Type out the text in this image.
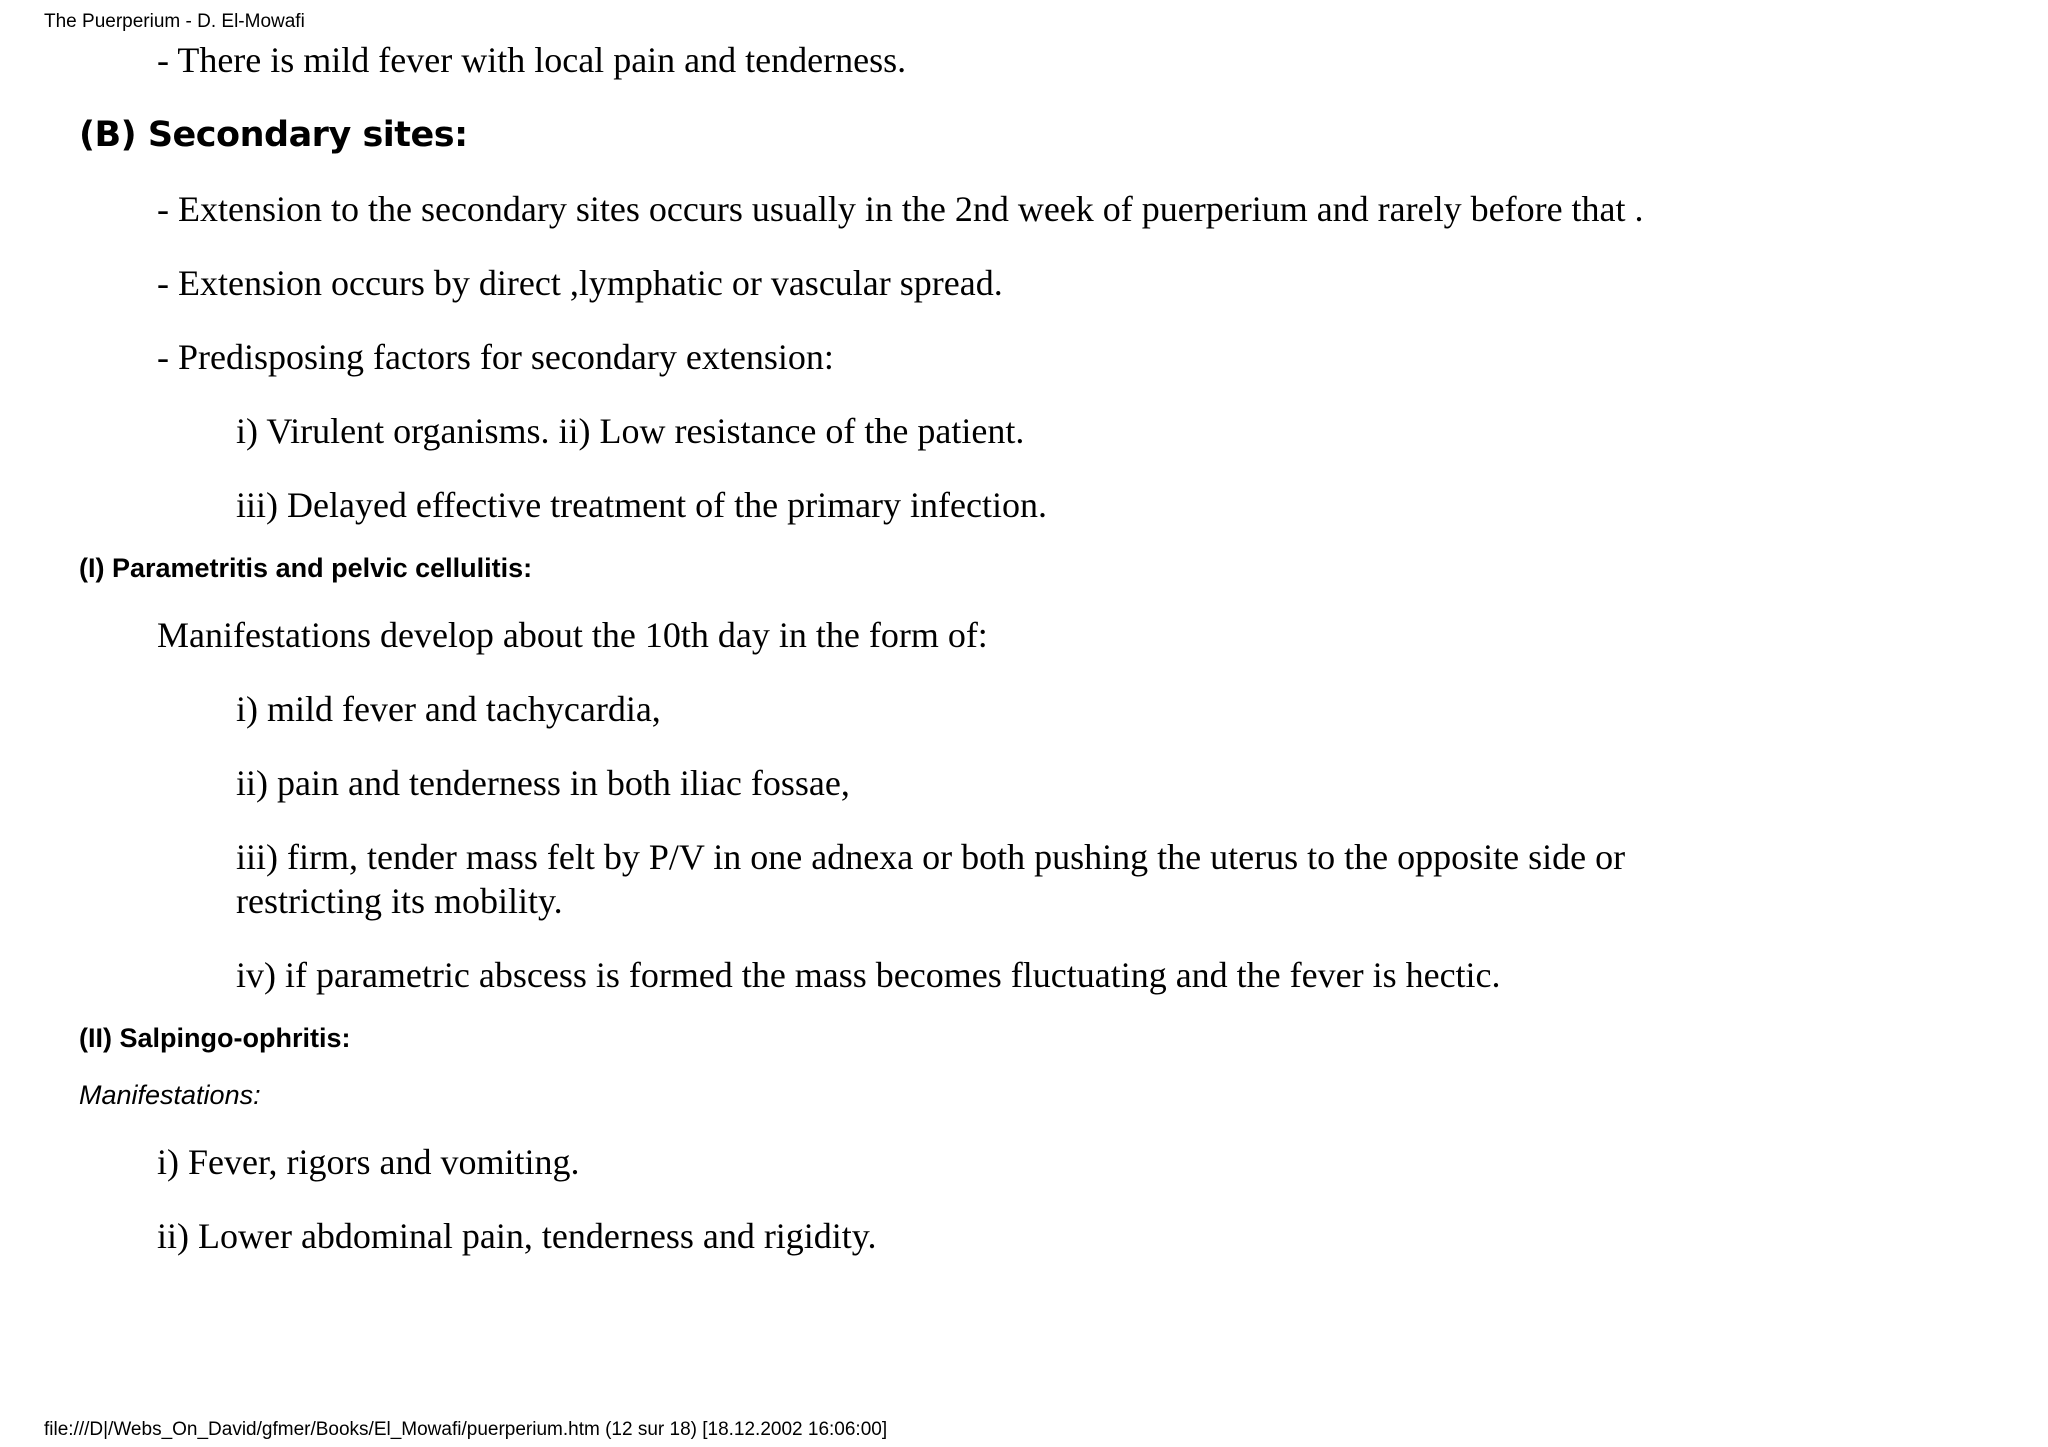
The Puerperium - D. El-Mowafi
- There is mild fever with local pain and tenderness.
(B) Secondary sites:
- Extension to the secondary sites occurs usually in the 2nd week of puerperium and rarely before that .
- Extension occurs by direct ,lymphatic or vascular spread.
- Predisposing factors for secondary extension:
i) Virulent organisms. ii) Low resistance of the patient.
iii) Delayed effective treatment of the primary infection.
(I) Parametritis and pelvic cellulitis:
Manifestations develop about the 10th day in the form of:
i) mild fever and tachycardia,
ii) pain and tenderness in both iliac fossae,
iii) firm, tender mass felt by P/V in one adnexa or both pushing the uterus to the opposite side or
restricting its mobility.
iv) if parametric abscess is formed the mass becomes fluctuating and the fever is hectic.
(II) Salpingo-ophritis:
Manifestations:
i) Fever, rigors and vomiting.
ii) Lower abdominal pain, tenderness and rigidity.
file:///D|/Webs_On_David/gfmer/Books/El_Mowafi/puerperium.htm (12 sur 18) [18.12.2002 16:06:00]
